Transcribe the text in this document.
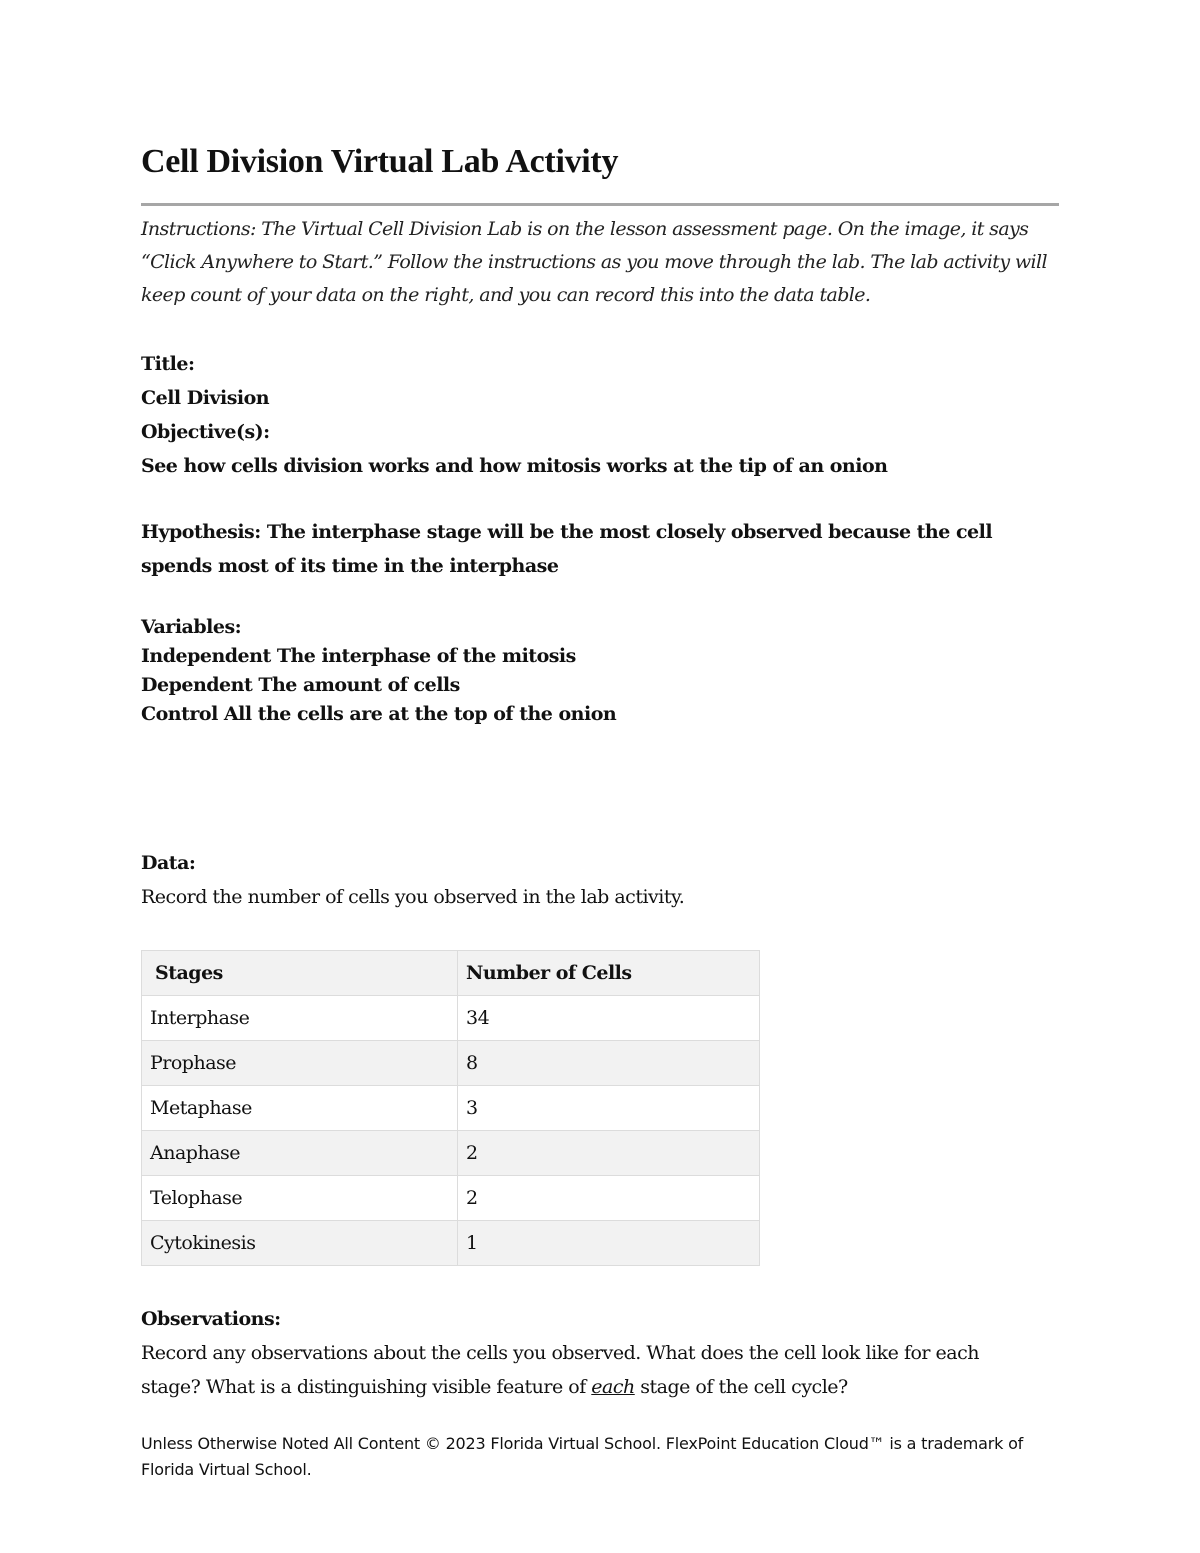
Cell Division Virtual Lab Activity

Instructions: The Virtual Cell Division Lab is on the lesson assessment page. On the image, it says “Click Anywhere to Start.” Follow the instructions as you move through the lab. The lab activity will keep count of your data on the right, and you can record this into the data table.

Title:
Cell Division
Objective(s):
See how cells division works and how mitosis works at the tip of an onion

Hypothesis: The interphase stage will be the most closely observed because the cell spends most of its time in the interphase

Variables:
Independent The interphase of the mitosis
Dependent The amount of cells
Control All the cells are at the top of the onion
Data:
Record the number of cells you observed in the lab activity.
Stages	Number of Cells
Interphase	34
Prophase	8
Metaphase	3
Anaphase	2
Telophase	2
Cytokinesis	1
Observations:
Record any observations about the cells you observed. What does the cell look like for each stage? What is a distinguishing visible feature of each stage of the cell cycle?

Unless Otherwise Noted All Content © 2023 Florida Virtual School. FlexPoint Education Cloud™ is a trademark of Florida Virtual School.
